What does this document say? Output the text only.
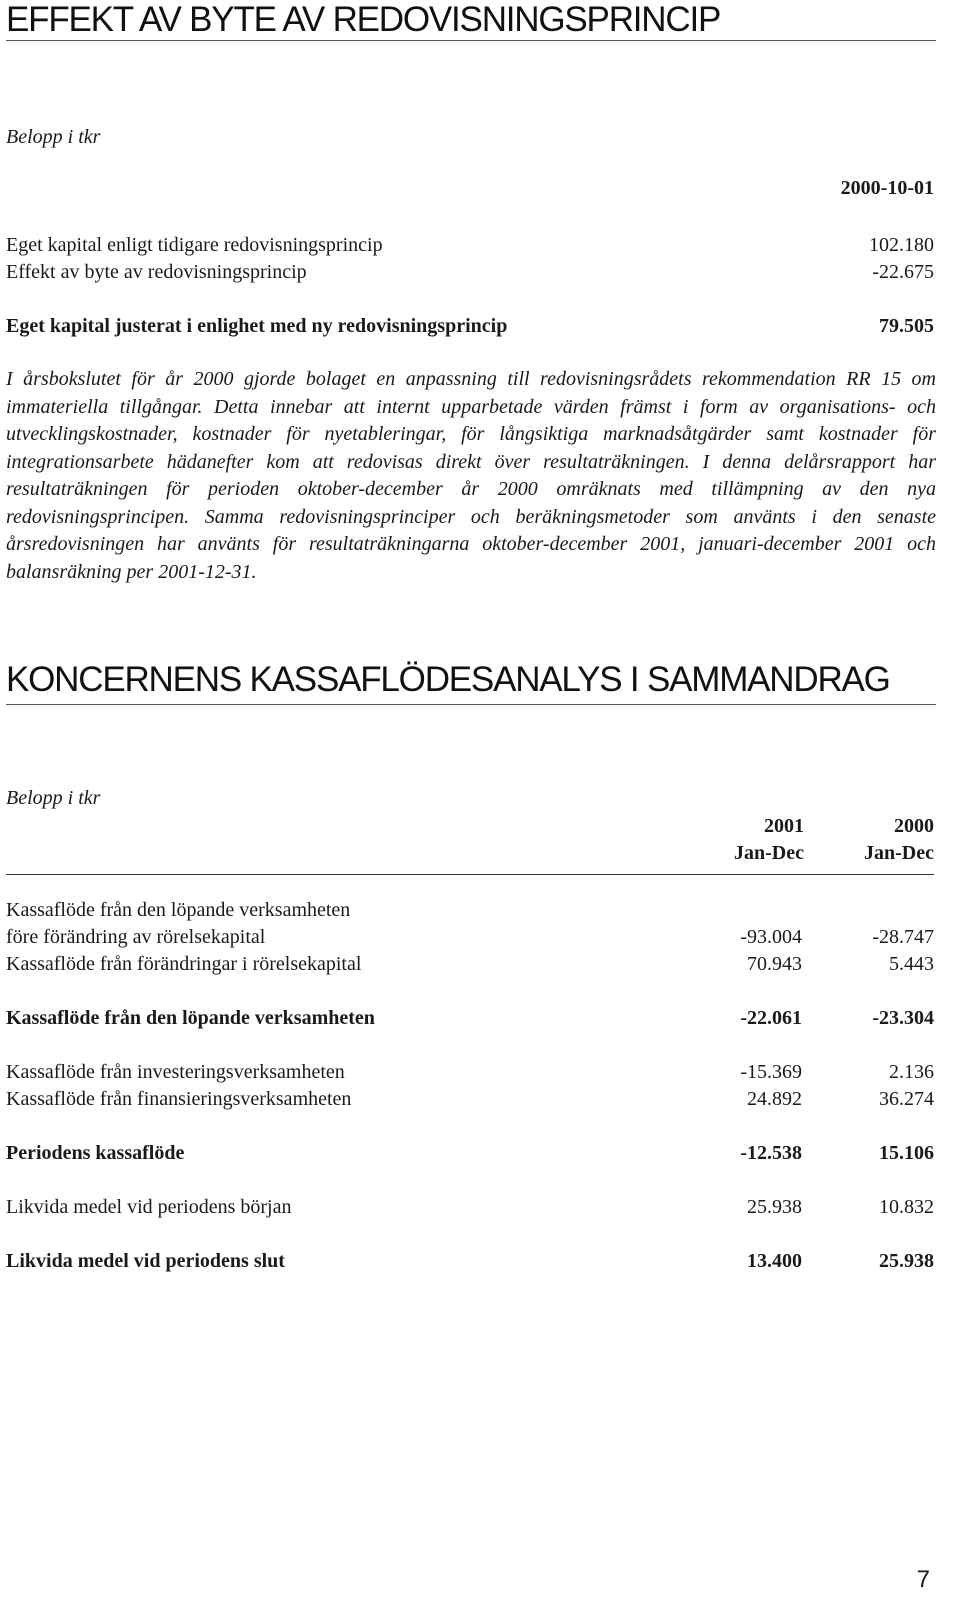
EFFEKT AV BYTE AV REDOVISNINGSPRINCIP
Belopp i tkr
2000-10-01
Eget kapital enligt tidigare redovisningsprincip	102.180
Effekt av byte av redovisningsprincip	-22.675
Eget kapital justerat i enlighet med ny redovisningsprincip	79.505
I årsbokslutet för år 2000 gjorde bolaget en anpassning till redovisningsrådets rekommendation RR 15 om immateriella tillgångar. Detta innebar att internt upparbetade värden främst i form av organisations- och utvecklingskostnader, kostnader för nyetableringar, för långsiktiga marknadsåtgärder samt kostnader för integrationsarbete hädanefter kom att redovisas direkt över resultaträkningen. I denna delårsrapport har resultaträkningen för perioden oktober-december år 2000 omräknats med tillämpning av den nya redovisningsprincipen. Samma redovisningsprinciper och beräkningsmetoder som använts i den senaste årsredovisningen har använts för resultaträkningarna oktober-december 2001, januari-december 2001 och balansräkning per 2001-12-31.
KONCERNENS KASSAFLÖDESANALYS I SAMMANDRAG
Belopp i tkr
2001
Jan-Dec
2000
Jan-Dec
Kassaflöde från den löpande verksamheten
före förändring av rörelsekapital	-93.004	-28.747
Kassaflöde från förändringar i rörelsekapital	70.943	5.443
Kassaflöde från den löpande verksamheten	-22.061	-23.304
Kassaflöde från investeringsverksamheten	-15.369	2.136
Kassaflöde från finansieringsverksamheten	24.892	36.274
Periodens kassaflöde	-12.538	15.106
Likvida medel vid periodens början	25.938	10.832
Likvida medel vid periodens slut	13.400	25.938
7
